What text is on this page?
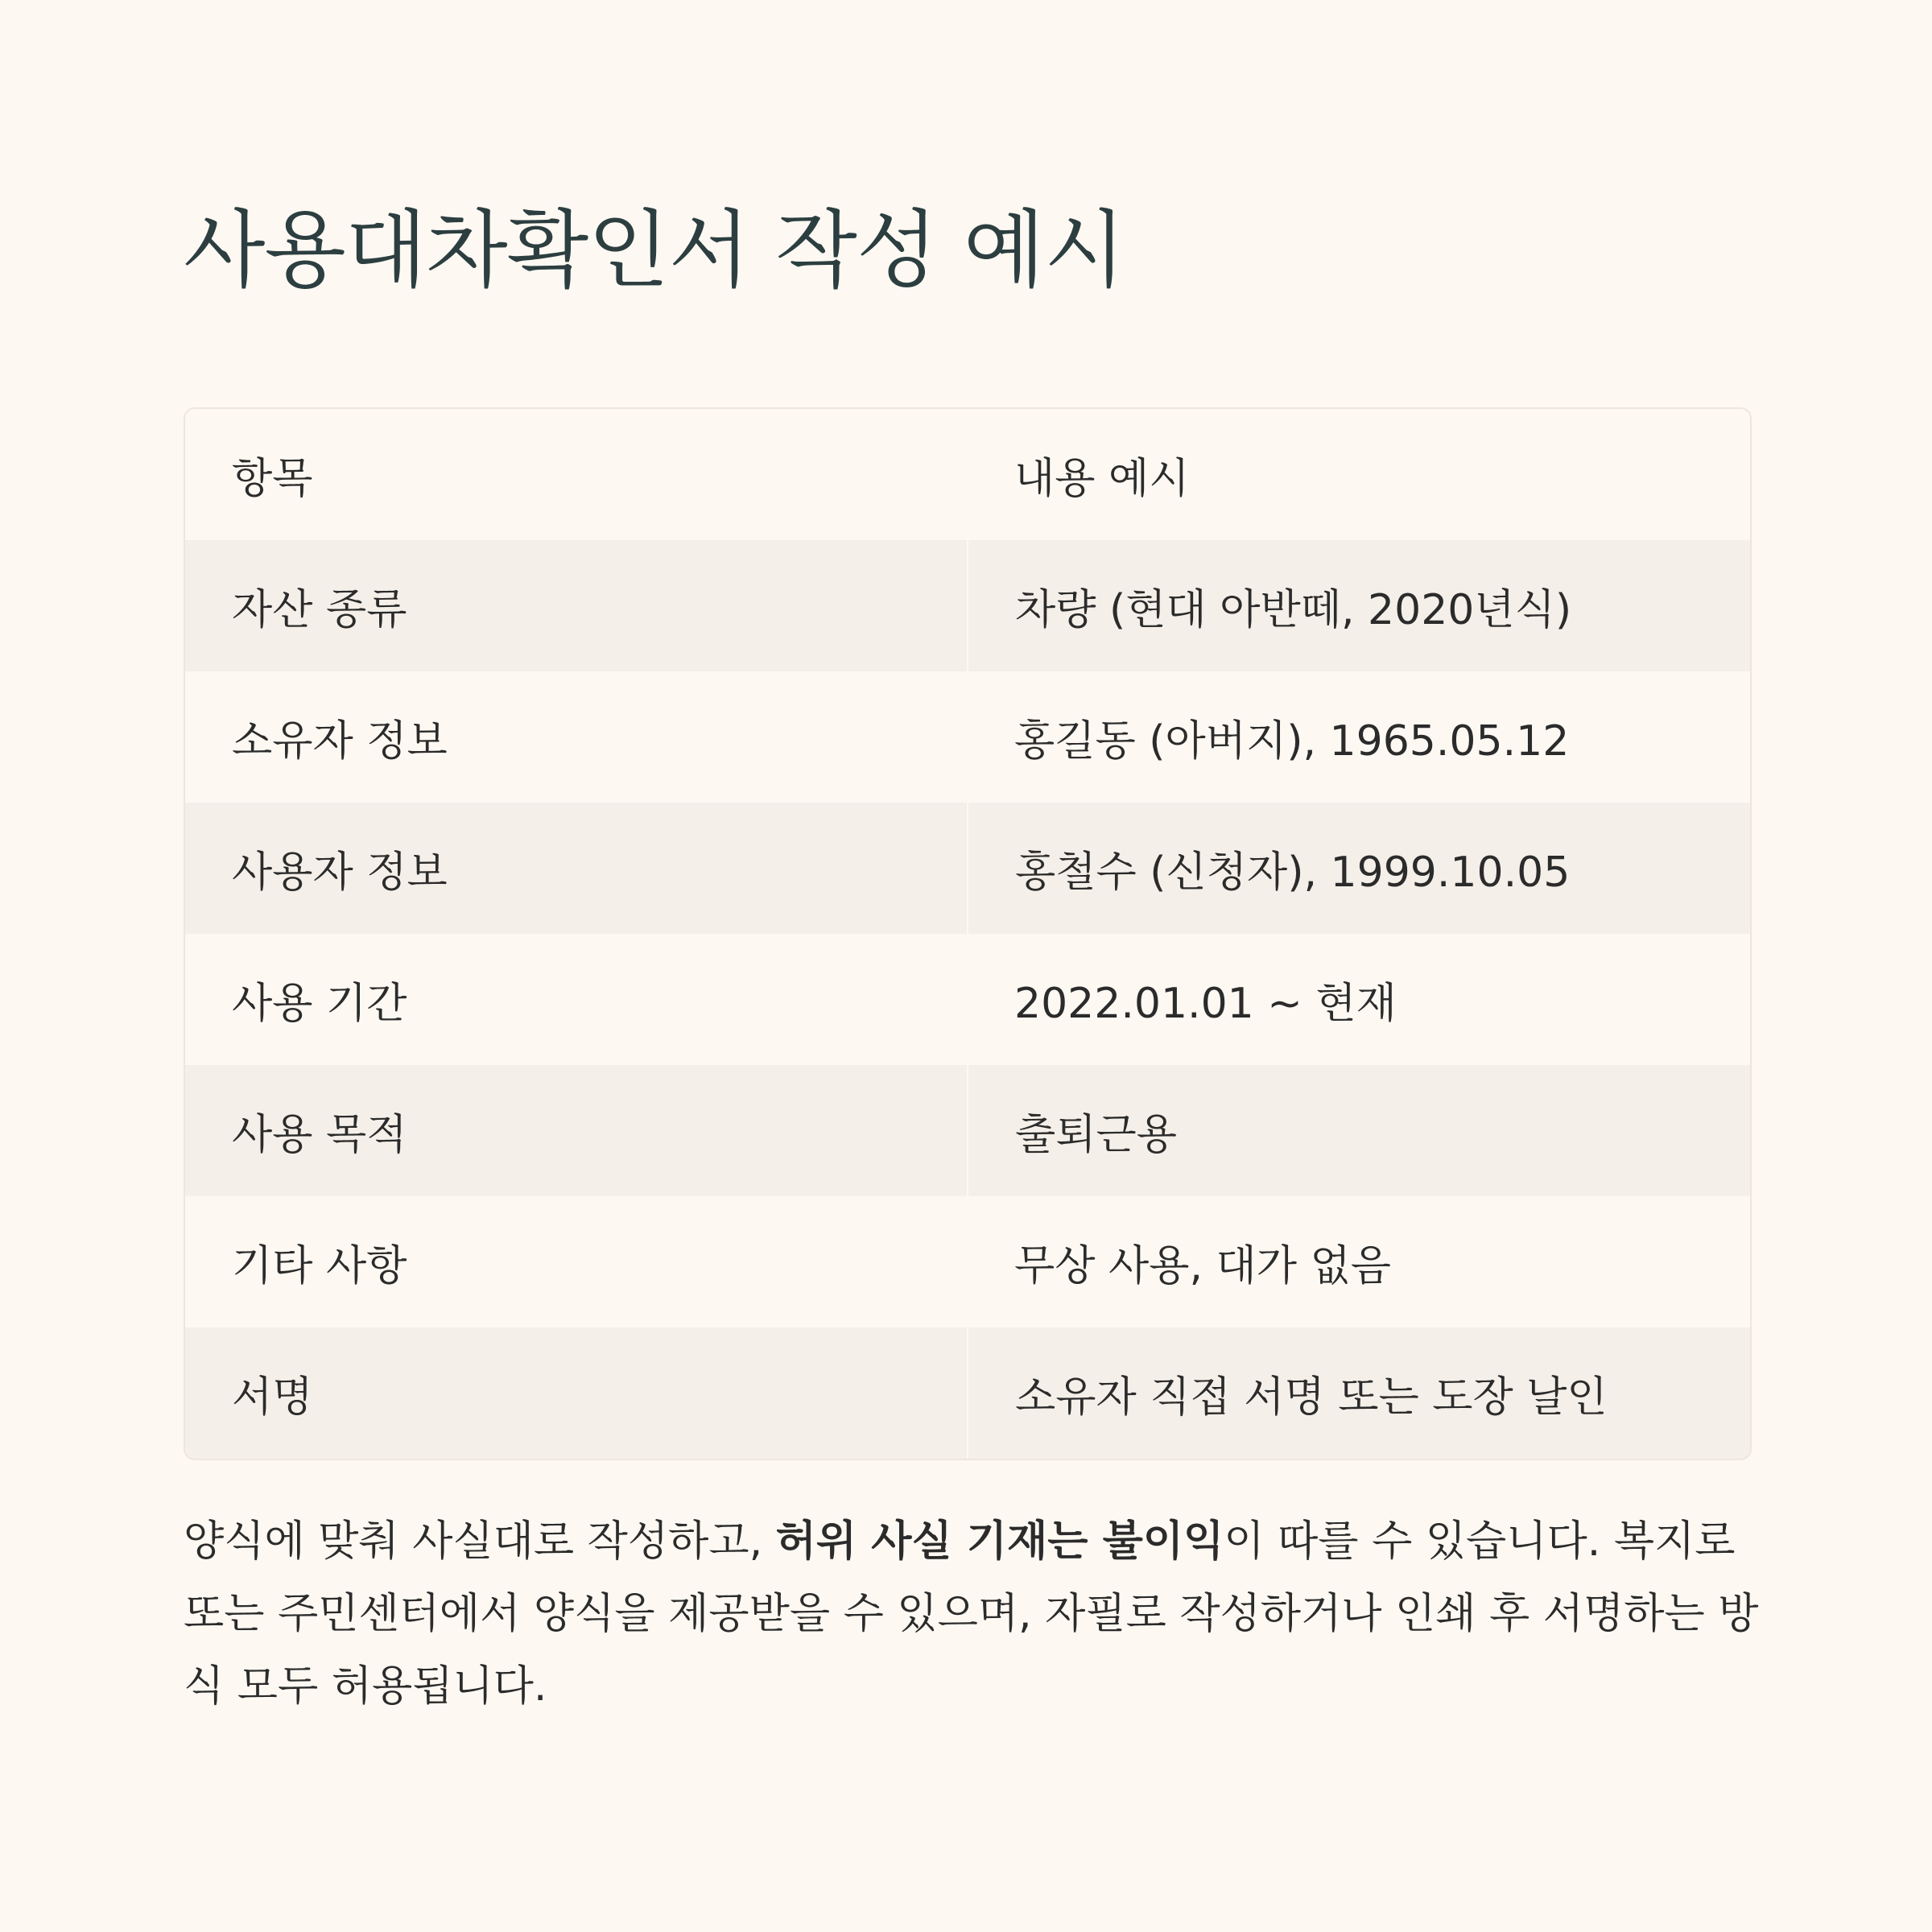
사용대차확인서 작성 예시
항목	내용 예시
자산 종류	차량 (현대 아반떼, 2020년식)
소유자 정보	홍길동 (아버지), 1965.05.12
사용자 정보	홍철수 (신청자), 1999.10.05
사용 기간	2022.01.01 ~ 현재
사용 목적	출퇴근용
기타 사항	무상 사용, 대가 없음
서명	소유자 직접 서명 또는 도장 날인

양식에 맞춰 사실대로 작성하고, 허위 사실 기재는 불이익이 따를 수 있습니다. 복지로 또는 주민센터에서 양식을 제공받을 수 있으며, 자필로 작성하거나 인쇄 후 서명하는 방식 모두 허용됩니다.
